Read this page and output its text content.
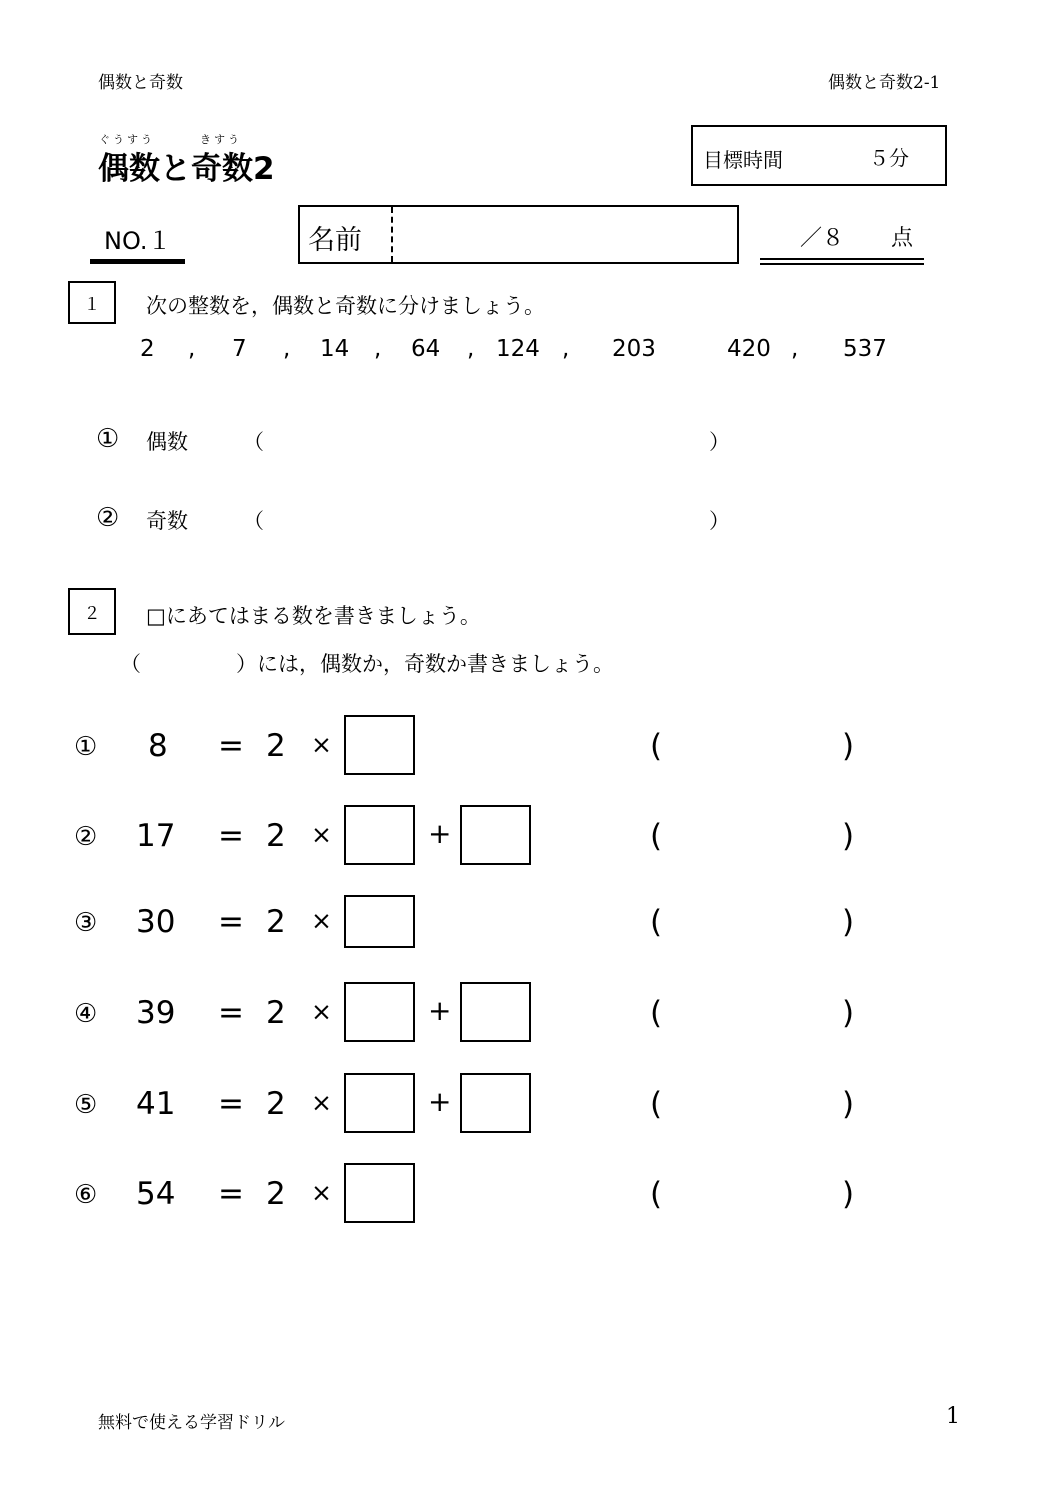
偶数と奇数	偶数と奇数2-1
ぐうすう	きすう
偶数と奇数2	目標時間	５分
NO.１	名前	／８ 点
１	次の整数を，偶数と奇数に分けましょう。
2 , 7 , 14 , 64 , 124 , 203	420 , 537
① 偶数	（	）
② 奇数	（	）
２	□にあてはまる数を書きましょう。
（	）には，偶数か，奇数か書きましょう。
① 8 = 2 ×	(	)
② 17 = 2 ×	+	(	)
③ 30 = 2 ×	(	)
④ 39 = 2 ×	+	(	)
⑤ 41 = 2 ×	+	(	)
⑥ 54 = 2 ×	(	)
無料で使える学習ドリル	1
